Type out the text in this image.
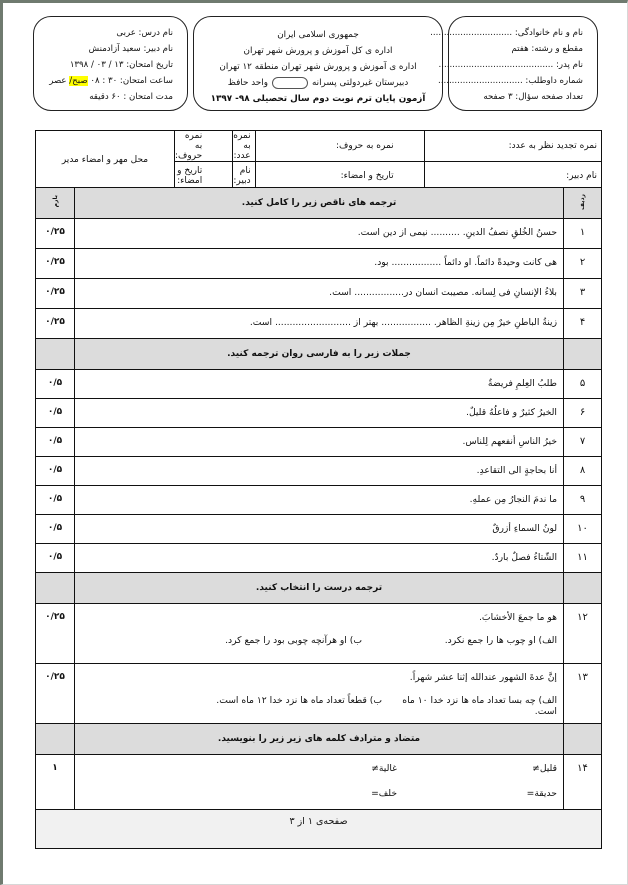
نام درس: عربی
نام دبیر: سعید آزادمنش
تاریخ امتحان: ۱۳ / ۰۳ / ۱۳۹۸
ساعت امتحان: ۳۰ : ۰۸ صبح/ عصر
مدت امتحان : ۶۰ دقیقه
جمهوری اسلامی ایران
اداره ی کل آموزش و پرورش شهر تهران
اداره ی آموزش و پرورش شهر تهران منطقه ۱۲ تهران
دبیرستان غیردولتی پسرانهواحد حافظ
آزمون پایان ترم نوبت دوم سال تحصیلی ۹۸- ۱۳۹۷
نام و نام خانوادگی: ..............................
مقطع و رشته: هفتم
نام پدر: ..........................................
شماره داوطلب: ...............................
تعداد صفحه سؤال: ۳ صفحه
نمره تجدید نظر به عدد:	نمره به حروف:	نمره به عدد:	نمره به حروف:	محل مهر و امضاء مدیر
نام دبیر:	تاریخ و امضاء:	نام دبیر:	تاریخ و امضاء:	
ردیف	ترجمه های ناقص زیر را کامل کنید.	بارم
۱	حسنُ الخُلقِ نصفُ الدینِ. .......... نیمی از دین است.	۰/۲۵
۲	هی کانت وحیدةً دائماً. او دائماً ................. بود.	۰/۲۵
۳	بلاءُ الإنسانِ فی لِسانه. مصیبت انسان در................. است.	۰/۲۵
۴	زینةُ الباطنِ خیرٌ مِن زینةِ الظاهر. ................. بهتر از .......................... است.	۰/۲۵
	جملات زیر را به فارسی روان ترجمه کنید.	
۵	طلبُ العِلمِ فریضةٌ	۰/۵
۶	الخیرُ کثیرٌ و فاعلُهُ قلیلٌ.	۰/۵
۷	خیرُ الناسِ أنفعهم لِلناس.	۰/۵
۸	أنا بحاجةٍ الی التقاعدِ.	۰/۵
۹	ما ندمَ النجارُ مِن عملهِ.	۰/۵
۱۰	لونُ السماءِ أزرقٌ	۰/۵
۱۱	الشّتاءُ فصلٌ باردٌ.	۰/۵
	ترجمه درست را انتخاب کنید.	
۱۲	هو ما جمعَ الأخشابَ.
الف) او چوب ها را جمع نکرد.
ب) او هرآنچه چوبی بود را جمع کرد.	۰/۲۵
۱۳	إنَّ عدةَ الشهور عندالله إثنا عشر شهراً.
الف) چه بسا تعداد ماه ها نزد خدا ۱۰ ماه است.
ب) قطعاً تعداد ماه ها نزد خدا ۱۲ ماه است.	۰/۲۵
	متضاد و مترادف کلمه های زیر زیر را بنویسید.	
۱۴	قلیل≠
غالیة≠
حدیقة=
خلف=	۱
صفحه‌ی ۱ از ۳		
